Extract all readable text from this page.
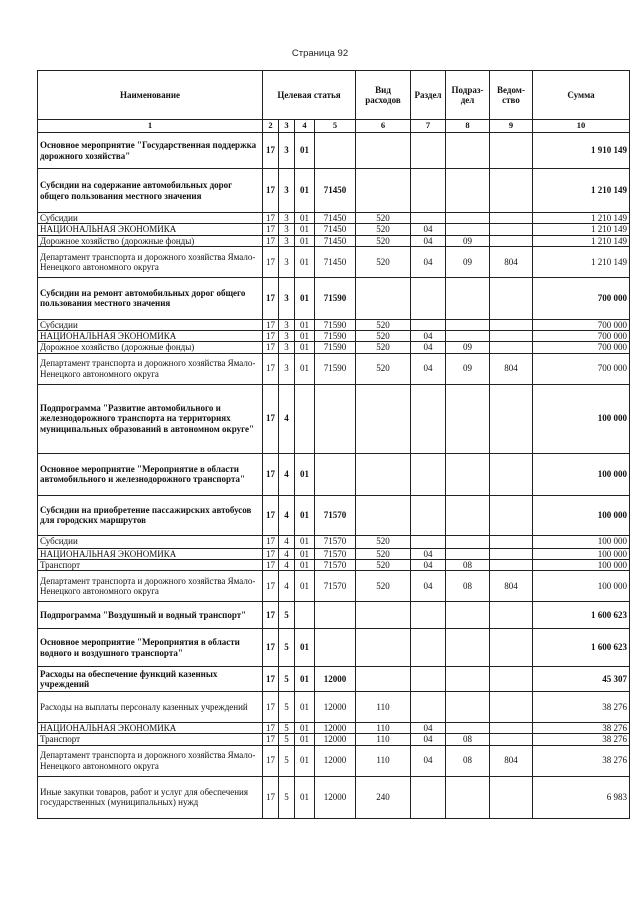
Страница 92
Наименование	Целевая статья				Вид расходов	Раздел	Подраз-дел	Ведом-ство	Сумма
1	2	3	4	5	6	7	8	9	10
Основное мероприятие "Государственная поддержка дорожного хозяйства"	17	3	01						1 910 149
Субсидии на содержание автомобильных дорог общего пользования местного значения	17	3	01	71450					1 210 149
Субсидии	17	3	01	71450	520				1 210 149
НАЦИОНАЛЬНАЯ ЭКОНОМИКА	17	3	01	71450	520	04			1 210 149
Дорожное хозяйство (дорожные фонды)	17	3	01	71450	520	04	09		1 210 149
Департамент транспорта и дорожного хозяйства Ямало-Ненецкого автономного округа	17	3	01	71450	520	04	09	804	1 210 149
Субсидии на ремонт автомобильных дорог общего пользования местного значения	17	3	01	71590					700 000
Субсидии	17	3	01	71590	520				700 000
НАЦИОНАЛЬНАЯ ЭКОНОМИКА	17	3	01	71590	520	04			700 000
Дорожное хозяйство (дорожные фонды)	17	3	01	71590	520	04	09		700 000
Департамент транспорта и дорожного хозяйства Ямало-Ненецкого автономного округа	17	3	01	71590	520	04	09	804	700 000
Подпрограмма "Развитие автомобильного и железнодорожного транспорта на территориях муниципальных образований в автономном округе"	17	4							100 000
Основное мероприятие "Мероприятие в области автомобильного и железнодорожного транспорта"	17	4	01						100 000
Субсидии на приобретение пассажирских автобусов для городских маршрутов	17	4	01	71570					100 000
Субсидии	17	4	01	71570	520				100 000
НАЦИОНАЛЬНАЯ ЭКОНОМИКА	17	4	01	71570	520	04			100 000
Транспорт	17	4	01	71570	520	04	08		100 000
Департамент транспорта и дорожного хозяйства Ямало-Ненецкого автономного округа	17	4	01	71570	520	04	08	804	100 000
Подпрограмма "Воздушный и водный транспорт"	17	5							1 600 623
Основное мероприятие "Мероприятия в области водного и воздушного транспорта"	17	5	01						1 600 623
Расходы на обеспечение функций казенных учреждений	17	5	01	12000					45 307
Расходы на выплаты персоналу казенных учреждений	17	5	01	12000	110				38 276
НАЦИОНАЛЬНАЯ ЭКОНОМИКА	17	5	01	12000	110	04			38 276
Транспорт	17	5	01	12000	110	04	08		38 276
Департамент транспорта и дорожного хозяйства Ямало-Ненецкого автономного округа	17	5	01	12000	110	04	08	804	38 276
Иные закупки товаров, работ и услуг для обеспечения государственных (муниципальных) нужд	17	5	01	12000	240				6 983
